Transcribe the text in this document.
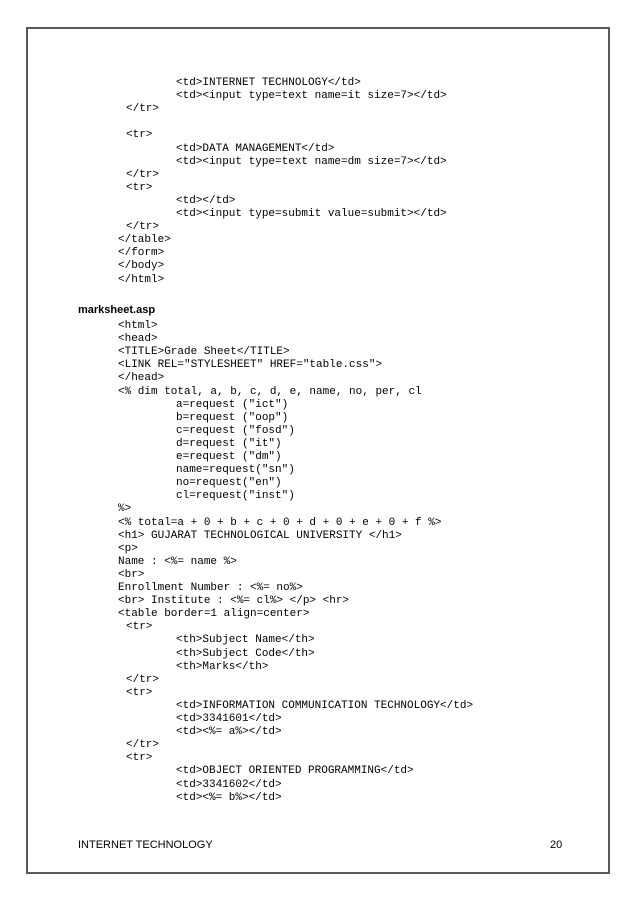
<td>INTERNET TECHNOLOGY</td>
<td><input type=text name=it size=7></td>
</tr>
<tr>
<td>DATA MANAGEMENT</td>
<td><input type=text name=dm size=7></td>
</tr>
<tr>
<td></td>
<td><input type=submit value=submit></td>
</tr>
</table>
</form>
</body>
</html>
marksheet.asp
<html>
<head>
<TITLE>Grade Sheet</TITLE>
<LINK REL="STYLESHEET" HREF="table.css">
</head>
<% dim total, a, b, c, d, e, name, no, per, cl
a=request ("ict")
b=request ("oop")
c=request ("fosd")
d=request ("it")
e=request ("dm")
name=request("sn")
no=request("en")
cl=request("inst")
%>
<% total=a + 0 + b + c + 0 + d + 0 + e + 0 + f %>
<h1> GUJARAT TECHNOLOGICAL UNIVERSITY </h1>
<p>
Name : <%= name %>
<br>
Enrollment Number : <%= no%>
<br> Institute : <%= cl%> </p> <hr>
<table border=1 align=center>
<tr>
<th>Subject Name</th>
<th>Subject Code</th>
<th>Marks</th>
</tr>
<tr>
<td>INFORMATION COMMUNICATION TECHNOLOGY</td>
<td>3341601</td>
<td><%= a%></td>
</tr>
<tr>
<td>OBJECT ORIENTED PROGRAMMING</td>
<td>3341602</td>
<td><%= b%></td>
INTERNET TECHNOLOGY	20
